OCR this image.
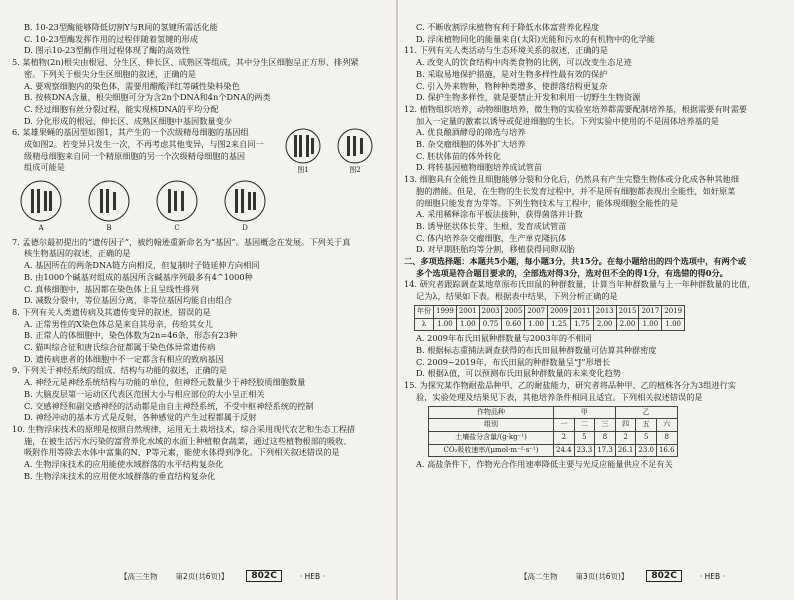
B. 10-23型酶能够降低切割Y与R间的氢键所需活化能
C. 10-23型酶发挥作用的过程伴随着氢键的形成
D. 图示10-23型酶作用过程体现了酶的高效性
5. 某植物(2n)根尖由根冠、分生区、伸长区、成熟区等组成，其中分生区细胞呈正方形、排列紧
密。下列关于根尖分生区细胞的叙述，正确的是
A. 要观察细胞内的染色体，需要用醋酸洋红等碱性染料染色
B. 按核DNA含量，根尖细胞可分为含2n个DNA和4n个DNA的两类
C. 经过细胞有丝分裂过程，能实现核DNA的平均分配
D. 分化形成的根冠、伸长区、成熟区细胞中基因数量变少
6. 某雄果蝇的基因型如图1，其产生的一个次级精母细胞的基因组
成如图2。若变异只发生一次，不再考虑其他变异，与图2来自同一
级精母细胞来自同一个精原细胞的另一个次级精母细胞的基因
组成可能是	图1	图2
A	B	C	D
7. 孟德尔最初提出的“遗传因子”，被约翰逊重新命名为“基因”。基因概念在发展。下列关于真
核生物基因的叙述，正确的是
A. 基因所在的两条DNA链方向相反，但复制时子链延伸方向相同
B. 由1000个碱基对组成的基因所含碱基序列最多有4^1000种
C. 真核细胞中，基因都在染色体上且呈线性排列
D. 减数分裂中，等位基因分离，非等位基因均能自由组合
8. 下列有关人类遗传病及其遗传变异的叙述，错误的是
A. 正常男性的X染色体总是来自其母亲，传给其女儿
B. 正常人的体细胞中，染色体数为2n=46条，形态有23种
C. 猫叫综合征和唐氏综合征都属于染色体异常遗传病
D. 遗传病患者的体细胞中不一定都含有相应的致病基因
9. 下列关于神经系统的组成、结构与功能的叙述，正确的是
A. 神经元是神经系统结构与功能的单位，但神经元数量少于神经胶质细胞数量
B. 大脑皮层第一运动区代表区范围大小与相应部位的大小呈正相关
C. 交感神经和副交感神经的活动都是由自主神经系统，不受中枢神经系统的控制
D. 神经冲动的基本方式是反射，各种感觉的产生过程都属于反射
10. 生物浮床技术的原理是按照自然规律，运用无土栽培技术，综合采用现代农艺和生态工程措
施，在被生活污水污染的富营养化水域的水面上种植粮食蔬菜，通过这些植物根部的吸收、
吸附作用等除去水体中富集的N、P等元素，能使水体得到净化。下列相关叙述错误的是
A. 生物浮床技术的应用能使水域群落的水平结构复杂化
B. 生物浮床技术的应用使水域群落的垂直结构复杂化
【高三生物 第2页(共6页)】	802C	· HEB ·
C. 不断收割浮床植物有利于降低水体富营养化程度
D. 浮床植物同化的能量来自(太阳)光能和污水的有机物中的化学能
11. 下列有关人类活动与生态环境关系的叙述，正确的是
A. 改变人的饮食结构中肉类食物的比例，可以改变生态足迹
B. 采取易地保护措施，是对生物多样性最有效的保护
C. 引入外来物种，物种种类增多，使群落结构更复杂
D. 保护生物多样性，就是要禁止开发和利用一切野生生物资源
12. 植物组织培养，动物细胞培养，微生物的实验室培养都需要配制培养基，根据需要有时需要
加入一定量的激素以诱导或促进细胞的生长。下列实验中使用的不是固体培养基的是
A. 优良酿酒酵母的筛选与培养
B. 杂交瘤细胞的体外扩大培养
C. 胚状体苗的体外转化
D. 将转基因植物细胞培养成试管苗
13. 细胞具有全能性且细胞能够分裂和分化后，仍然具有产生完整生物体或分化成各种其他细
胞的潜能。但是，在生物的生长发育过程中，并不是所有细胞都表现出全能性，如好原菜
的细胞只能发育为芽等。下列生物技术与工程中，能体现细胞全能性的是
A. 采用稀释涂布平板法接种，获得菌落并计数
B. 诱导胚状体长芽、生根、发育成试管苗
C. 体内培养杂交瘤细胞，生产单克隆抗体
D. 对早期胚胎均等分割，移植获得同卵双胎
二、多项选择题：本题共5小题，每小题3分，共15分。在每小题给出的四个选项中，有两个或
多个选项是符合题目要求的，全部选对得3分，选对但不全的得1分，有选错的得0分。
14. 研究者跟踪调查某地草原布氏田鼠的种群数量，计算当年种群数量与上一年种群数量的比值，
记为λ，结果如下表。根据表中结果，下列分析正确的是
年份	1999	2001	2003	2005	2007	2009	2011	2013	2015	2017	2019
λ	1.00	1.00	0.75	0.60	1.00	1.25	1.75	2.00	2.00	1.00	1.00
A. 2009年布氏田鼠种群数量与2003年的不相同
B. 根据标志重捕法调查获得的布氏田鼠种群数量可估算其种群密度
C. 2009~2019年，布氏田鼠的种群数量呈“J”形增长
D. 根据λ值，可以预测布氏田鼠种群数量的未来变化趋势
15. 为探究某作物耐盐品种甲、乙的耐盐能力，研究者将品种甲、乙的植株各分为3组进行实
验，实验处理及结果见下表，其他培养条件相同且适宜。下列相关叙述错误的是
作物品种	甲			乙		
组别	一	二	三	四	五	六
土壤盐分含量/(g·kg⁻¹)	2	5	8	2	5	8
CO₂吸收速率/(μmol·m⁻²·s⁻¹)	24.4	23.3	17.3	26.1	23.0	16.6
A. 高盐条件下，作物光合作用速率降低主要与光反应能量供应不足有关
【高二生物 第3页(共6页)】	802C	· HEB ·
